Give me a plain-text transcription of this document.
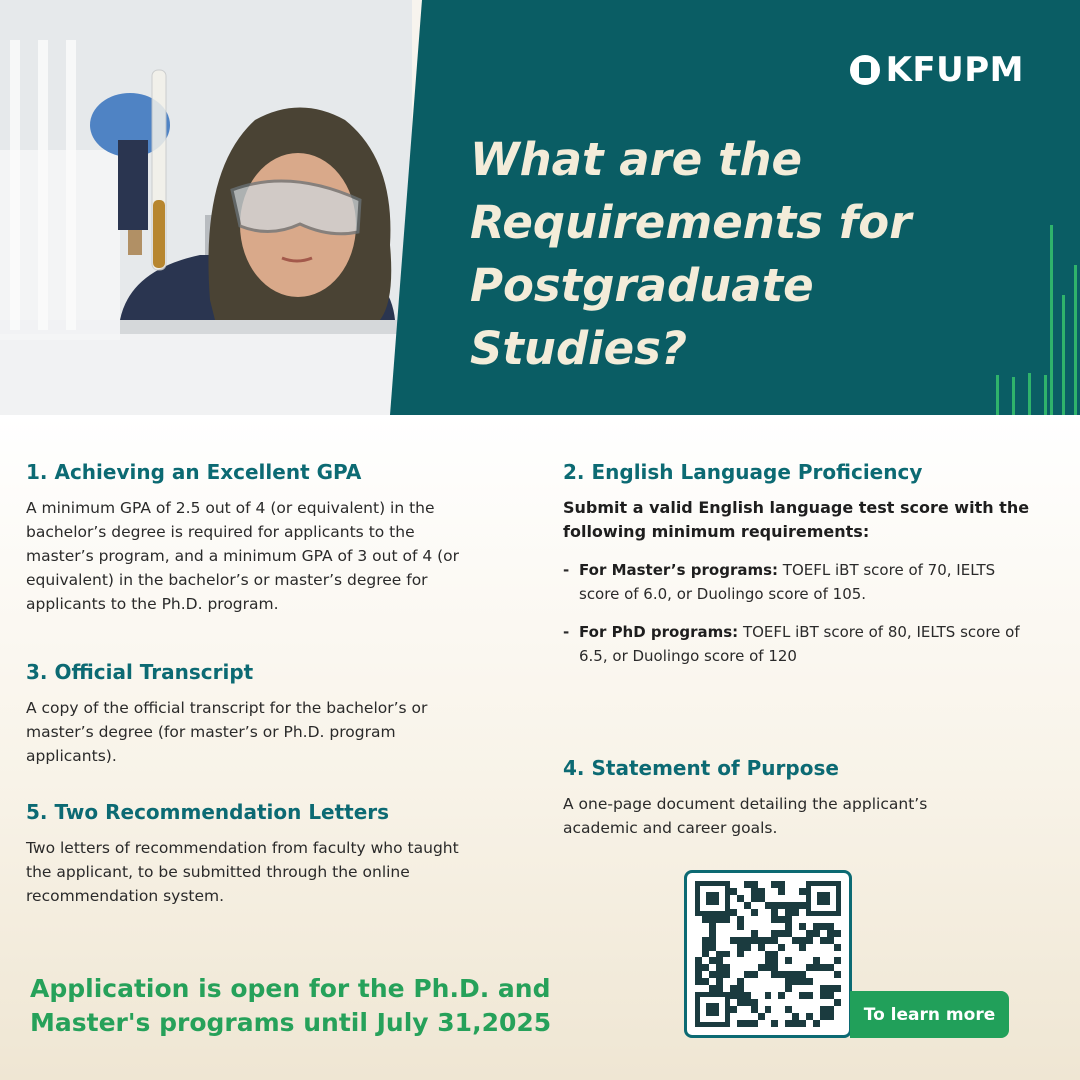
KFUPM
What are the
Requirements for
Postgraduate
Studies?
1. Achieving an Excellent GPA

A minimum GPA of 2.5 out of 4 (or equivalent) in the bachelor’s degree is required for applicants to the master’s program, and a minimum GPA of 3 out of 4 (or equivalent) in the bachelor’s or master’s degree for applicants to the Ph.D. program.

2. English Language Proficiency

Submit a valid English language test score with the following minimum requirements:

- For Master’s programs: TOEFL iBT score of 70, IELTS score of 6.0, or Duolingo score of 105.
- For PhD programs: TOEFL iBT score of 80, IELTS score of 6.5, or Duolingo score of 120
3. Official Transcript

A copy of the official transcript for the bachelor’s or master’s degree (for master’s or Ph.D. program applicants).	4. Statement of Purpose

A one-page document detailing the applicant’s academic and career goals.

5. Two Recommendation Letters

Two letters of recommendation from faculty who taught the applicant, to be submitted through the online recommendation system.

Application is open for the Ph.D. and
Master's programs until July 31,2025	To learn more
